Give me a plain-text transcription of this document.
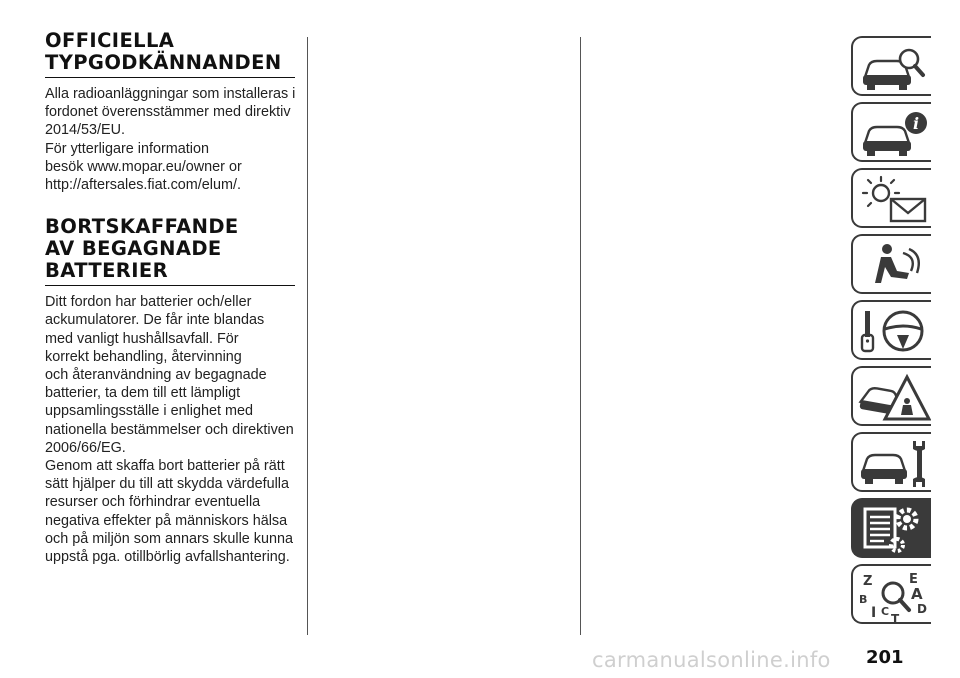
OFFICIELLA
TYPGODKÄNNANDEN

Alla radioanläggningar som installeras i
fordonet överensstämmer med direktiv
2014/53/EU.
För ytterligare information
besök www.mopar.eu/owner or
http://aftersales.fiat.com/elum/.

BORTSKAFFANDE
AV BEGAGNADE
BATTERIER

Ditt fordon har batterier och/eller
ackumulatorer. De får inte blandas
med vanligt hushållsavfall. För
korrekt behandling, återvinning
och återanvändning av begagnade
batterier, ta dem till ett lämpligt
uppsamlingsställe i enlighet med
nationella bestämmelser och direktiven
2006/66/EG.
Genom att skaffa bort batterier på rätt
sätt hjälper du till att skydda värdefulla
resurser och förhindrar eventuella
negativa effekter på människors hälsa
och på miljön som annars skulle kunna
uppstå pga. otillbörlig avfallshantering.

i
Z	E
B	A
I C D
T
201
carmanualsonline.info
